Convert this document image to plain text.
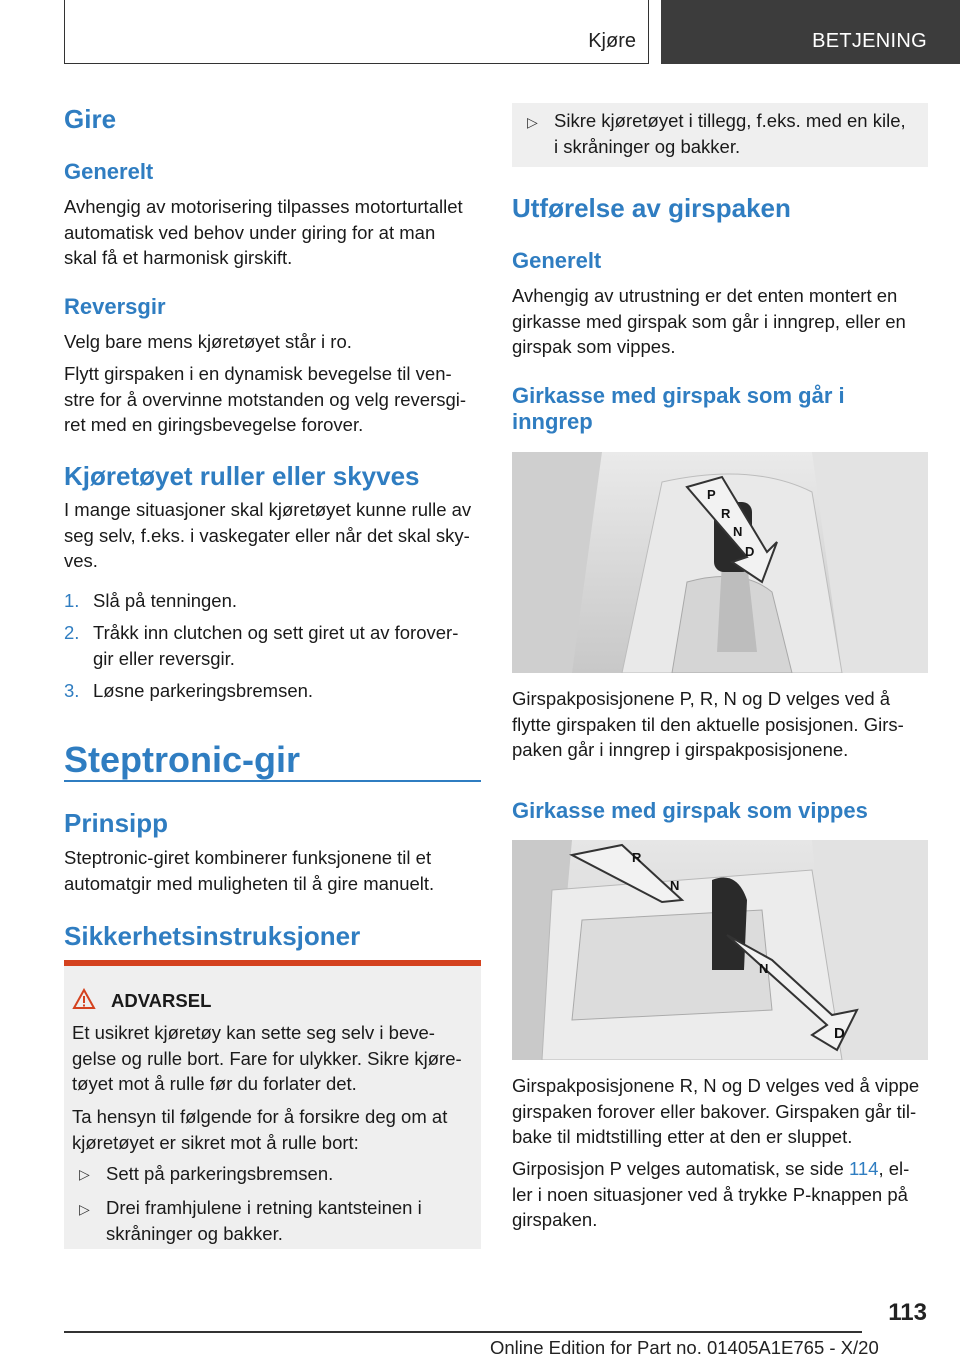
Kjøre	BETJENING
Gire
Generelt
Avhengig av motorisering tilpasses motorturtallet
automatisk ved behov under giring for at man
skal få et harmonisk girskift.
Reversgir
Velg bare mens kjøretøyet står i ro.
Flytt girspaken i en dynamisk bevegelse til ven-
stre for å overvinne motstanden og velg reversgi-
ret med en giringsbevegelse forover.
Kjøretøyet ruller eller skyves
I mange situasjoner skal kjøretøyet kunne rulle av
seg selv, f.eks. i vaskegater eller når det skal sky-
ves.
1. Slå på tenningen.
2. Tråkk inn clutchen og sett giret ut av forover-
gir eller reversgir.
3. Løsne parkeringsbremsen.
Steptronic-gir
Prinsipp
Steptronic-giret kombinerer funksjonene til et
automatgir med muligheten til å gire manuelt.
Sikkerhetsinstruksjoner
ADVARSEL
Et usikret kjøretøy kan sette seg selv i beve-
gelse og rulle bort. Fare for ulykker. Sikre kjøre-
tøyet mot å rulle før du forlater det.
Ta hensyn til følgende for å forsikre deg om at
kjøretøyet er sikret mot å rulle bort:
▷ Sett på parkeringsbremsen.
▷ Drei framhjulene i retning kantsteinen i
skråninger og bakker.
▷ Sikre kjøretøyet i tillegg, f.eks. med en kile,
i skråninger og bakker.
Utførelse av girspaken
Generelt
Avhengig av utrustning er det enten montert en
girkasse med girspak som går i inngrep, eller en
girspak som vippes.
Girkasse med girspak som går i
inngrep
P
R
N
D
Girspakposisjonene P, R, N og D velges ved å
flytte girspaken til den aktuelle posisjonen. Girs-
paken går i inngrep i girspakposisjonene.
Girkasse med girspak som vippes
R
N
N
D
Girspakposisjonene R, N og D velges ved å vippe
girspaken forover eller bakover. Girspaken går til-
bake til midtstilling etter at den er sluppet.
Girposisjon P velges automatisk, se side 114, el-
ler i noen situasjoner ved å trykke P-knappen på
girspaken.
113
Online Edition for Part no. 01405A1E765 - X/20
